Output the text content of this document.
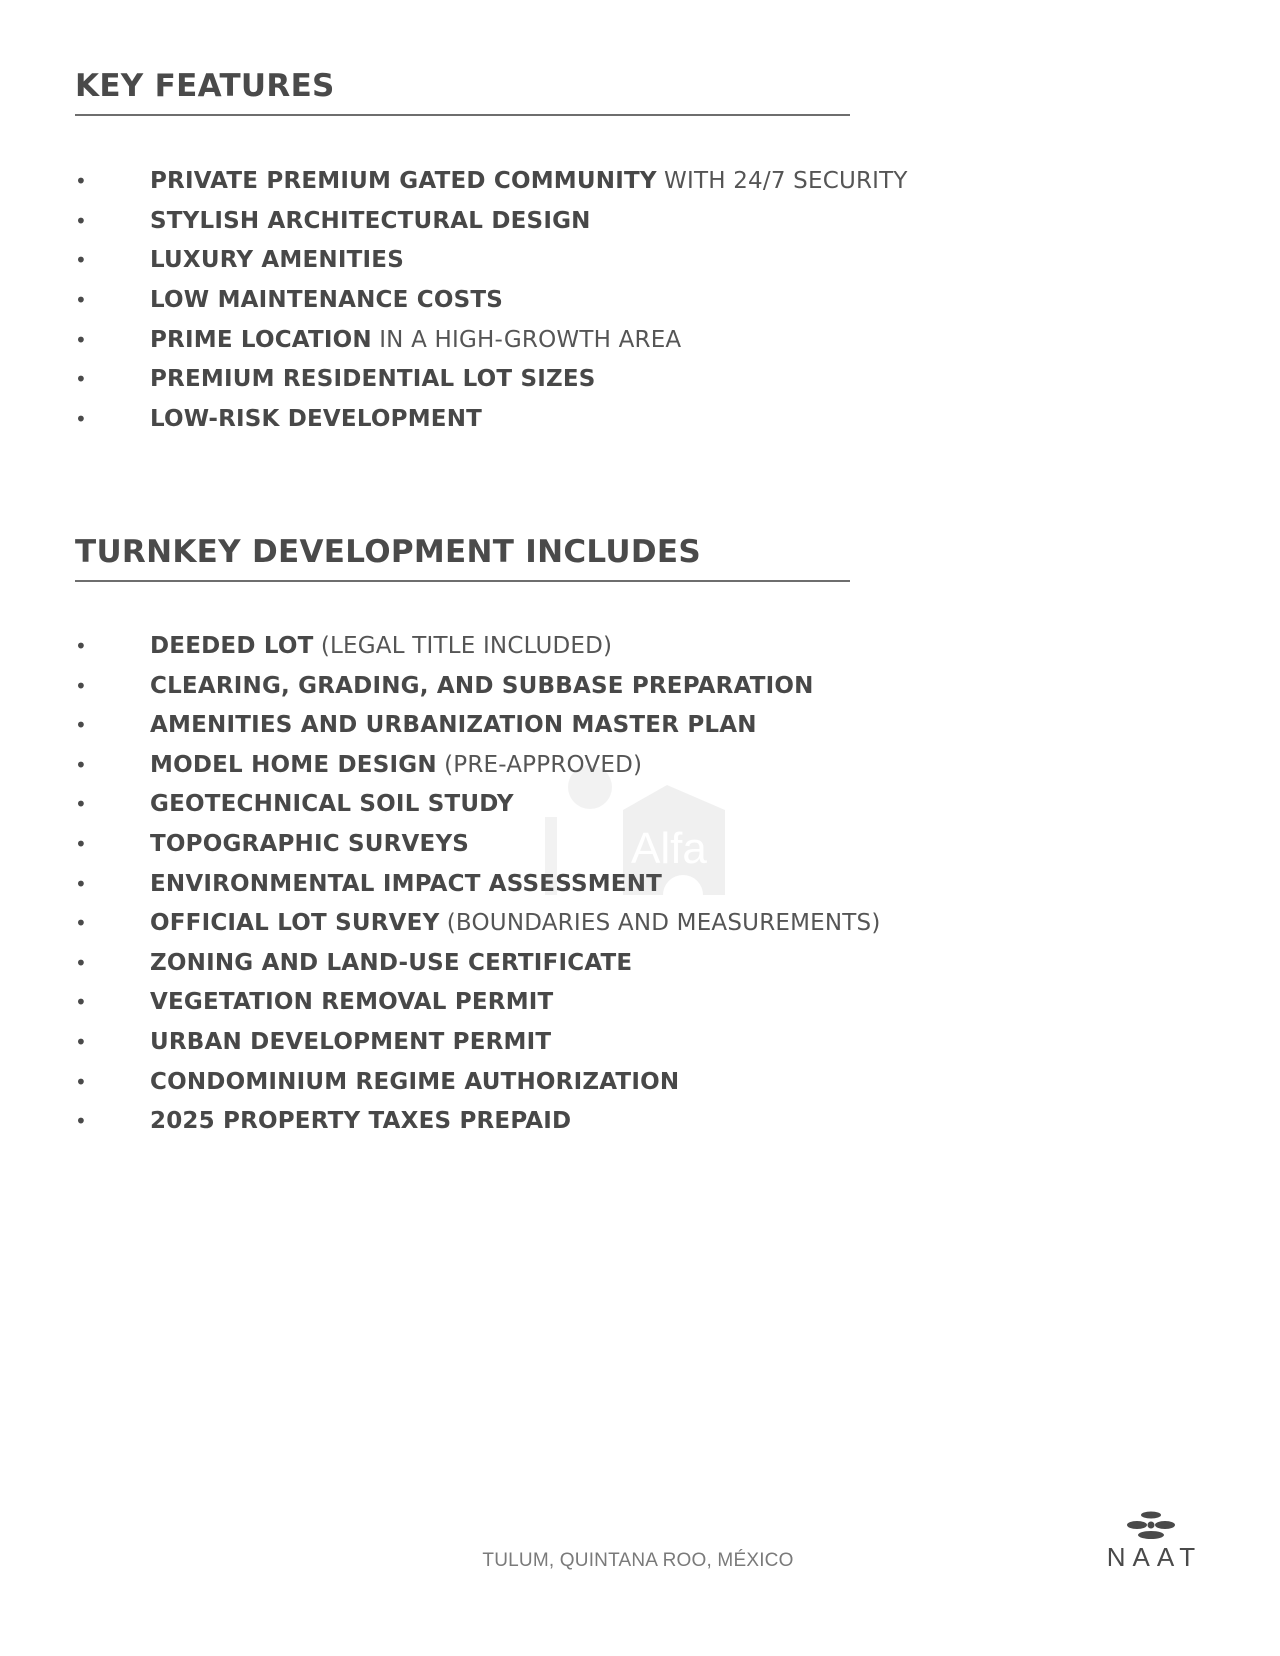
KEY FEATURES
•	PRIVATE PREMIUM GATED COMMUNITY WITH 24/7 SECURITY
•	STYLISH ARCHITECTURAL DESIGN
•	LUXURY AMENITIES
•	LOW MAINTENANCE COSTS
•	PRIME LOCATION IN A HIGH-GROWTH AREA
•	PREMIUM RESIDENTIAL LOT SIZES
•	LOW-RISK DEVELOPMENT
TURNKEY DEVELOPMENT INCLUDES
•	DEEDED LOT (LEGAL TITLE INCLUDED)
•	CLEARING, GRADING, AND SUBBASE PREPARATION
•	AMENITIES AND URBANIZATION MASTER PLAN
•	MODEL HOME DESIGN (PRE-APPROVED)
•	GEOTECHNICAL SOIL STUDY
•	TOPOGRAPHIC SURVEYS
•	ENVIRONMENTAL IMPACT ASSESSMENT
•	OFFICIAL LOT SURVEY (BOUNDARIES AND MEASUREMENTS)
•	ZONING AND LAND-USE CERTIFICATE
•	VEGETATION REMOVAL PERMIT
•	URBAN DEVELOPMENT PERMIT
•	CONDOMINIUM REGIME AUTHORIZATION
•	2025 PROPERTY TAXES PREPAID
Alfa
TULUM, QUINTANA ROO, MÉXICO	NAAT
